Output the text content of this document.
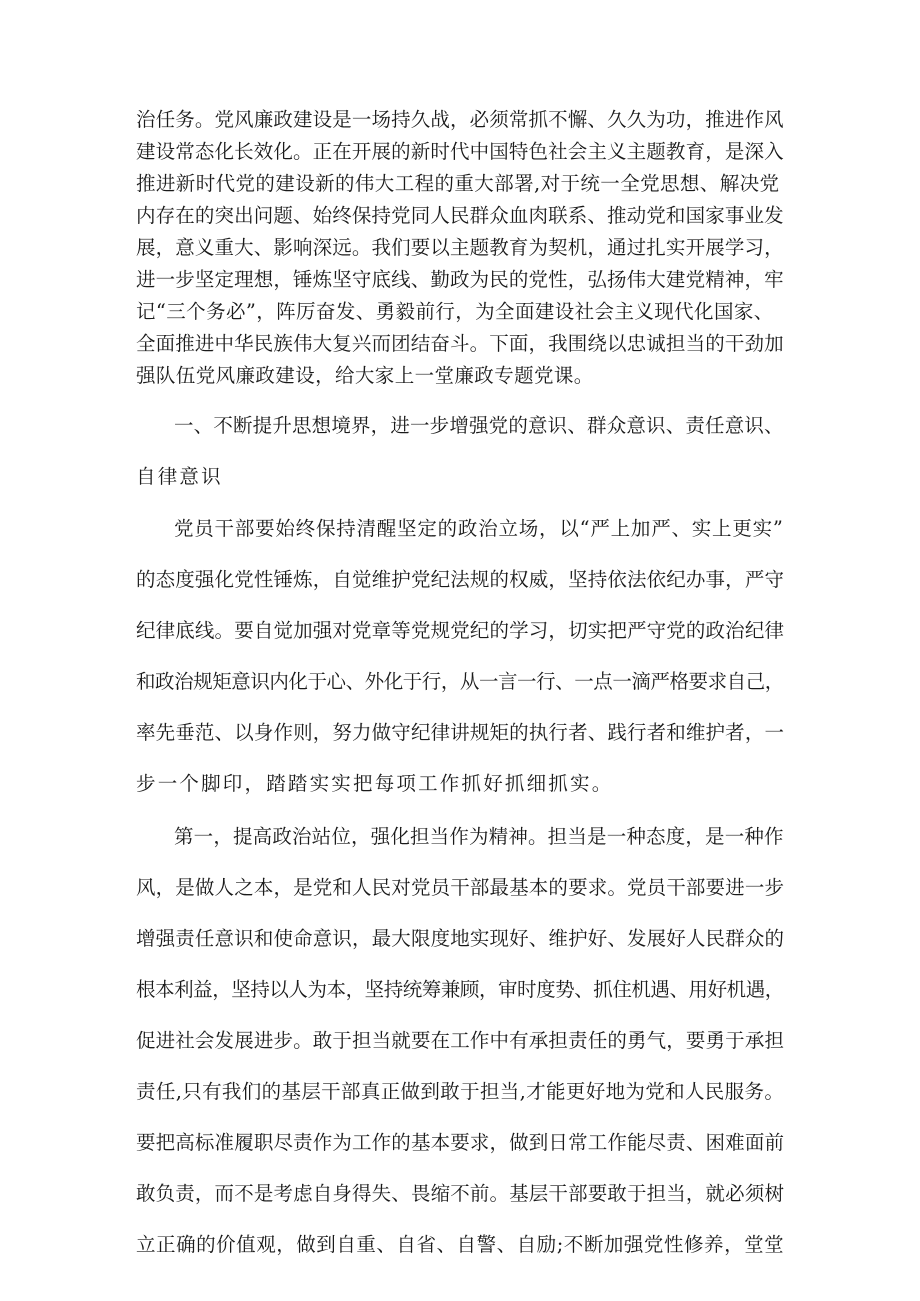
治任务。党风廉政建设是一场持久战，必须常抓不懈、久久为功，推进作风

建设常态化长效化。正在开展的新时代中国特色社会主义主题教育，是深入

推进新时代党的建设新的伟大工程的重大部署,对于统一全党思想、解决党

内存在的突出问题、始终保持党同人民群众血肉联系、推动党和国家事业发

展，意义重大、影响深远。我们要以主题教育为契机，通过扎实开展学习，

进一步坚定理想，锤炼坚守底线、勤政为民的党性，弘扬伟大建党精神，牢

记“三个务必”，阵厉奋发、勇毅前行，为全面建设社会主义现代化国家、

全面推进中华民族伟大复兴而团结奋斗。下面，我围绕以忠诚担当的干劲加

强队伍党风廉政建设，给大家上一堂廉政专题党课。

一、不断提升思想境界，进一步增强党的意识、群众意识、责任意识、

自律意识

党员干部要始终保持清醒坚定的政治立场，以“严上加严、实上更实”

的态度强化党性锤炼，自觉维护党纪法规的权威，坚持依法依纪办事，严守

纪律底线。要自觉加强对党章等党规党纪的学习，切实把严守党的政治纪律

和政治规矩意识内化于心、外化于行，从一言一行、一点一滴严格要求自己，

率先垂范、以身作则，努力做守纪律讲规矩的执行者、践行者和维护者，一

步一个脚印，踏踏实实把每项工作抓好抓细抓实。

第一，提高政治站位，强化担当作为精神。担当是一种态度，是一种作

风，是做人之本，是党和人民对党员干部最基本的要求。党员干部要进一步

增强责任意识和使命意识，最大限度地实现好、维护好、发展好人民群众的

根本利益，坚持以人为本，坚持统筹兼顾，审时度势、抓住机遇、用好机遇，

促进社会发展进步。敢于担当就要在工作中有承担责任的勇气，要勇于承担

责任,只有我们的基层干部真正做到敢于担当,才能更好地为党和人民服务。

要把高标准履职尽责作为工作的基本要求，做到日常工作能尽责、困难面前

敢负责，而不是考虑自身得失、畏缩不前。基层干部要敢于担当，就必须树

立正确的价值观，做到自重、自省、自警、自励;不断加强党性修养，堂堂
